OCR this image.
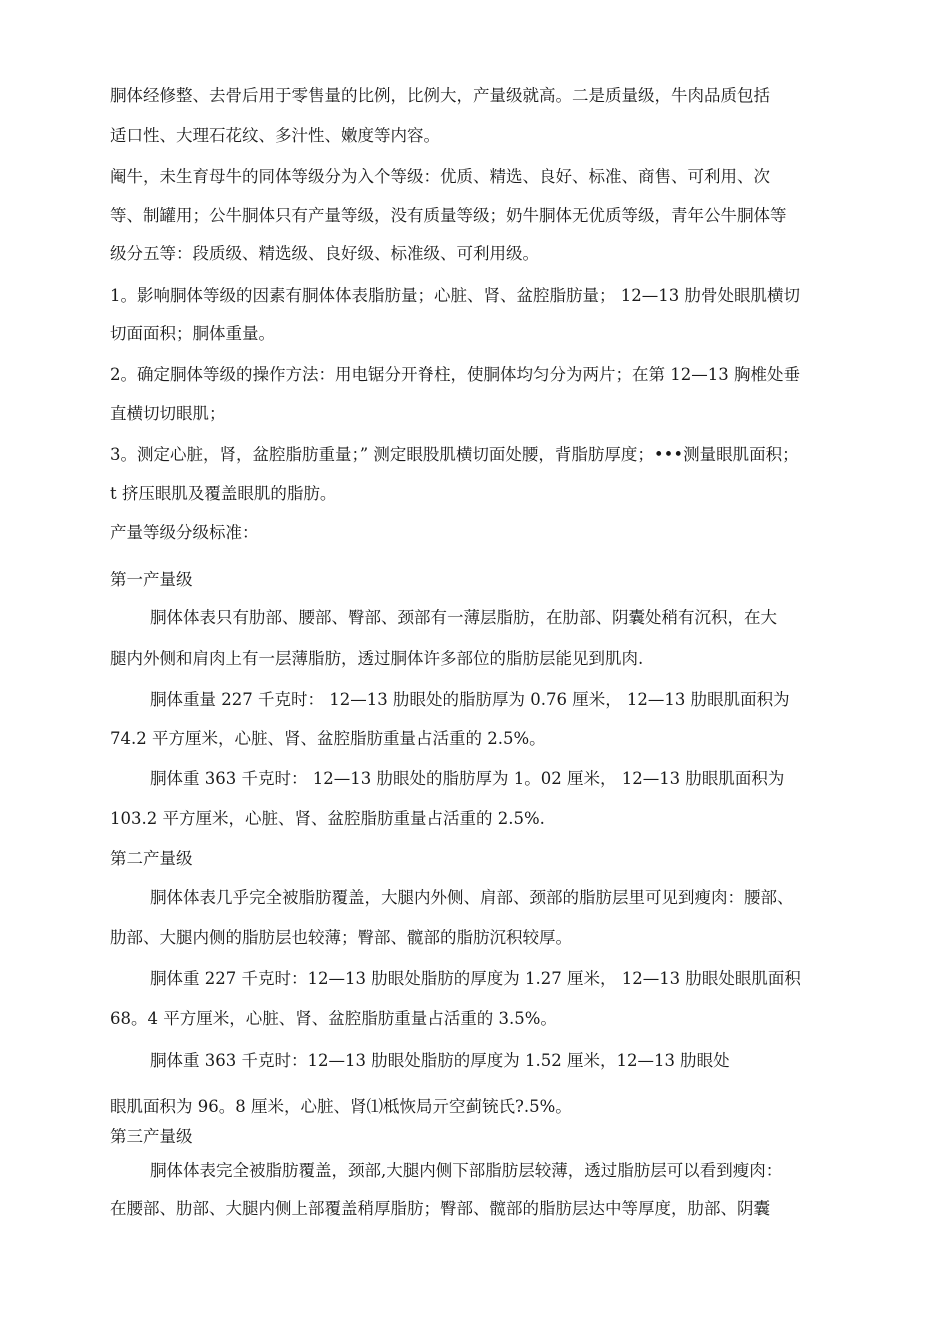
胴体经修整、去骨后用于零售量的比例，比例大，产量级就高。二是质量级，牛肉品质包括

适口性、大理石花纹、多汁性、嫩度等内容。

阉牛，未生育母牛的同体等级分为入个等级：优质、精选、良好、标准、商售、可利用、次

等、制罐用；公牛胴体只有产量等级，没有质量等级；奶牛胴体无优质等级，青年公牛胴体等

级分五等：段质级、精选级、良好级、标准级、可利用级。

1。影响胴体等级的因素有胴体体表脂肪量；心脏、肾、盆腔脂肪量； 12—13 肋骨处眼肌横切

切面面积；胴体重量。

2。确定胴体等级的操作方法：用电锯分开脊柱，使胴体均匀分为两片；在第 12—13 胸椎处垂

直横切切眼肌；

3。测定心脏，肾，盆腔脂肪重量；” 测定眼股肌横切面处腰，背脂肪厚度；•••测量眼肌面积；

t 挤压眼肌及覆盖眼肌的脂肪。

产量等级分级标准：

第一产量级

胴体体表只有肋部、腰部、臀部、颈部有一薄层脂肪，在肋部、阴囊处稍有沉积，在大

腿内外侧和肩肉上有一层薄脂肪，透过胴体许多部位的脂肪层能见到肌肉.

胴体重量 227 千克时： 12—13 肋眼处的脂肪厚为 0.76 厘米， 12—13 肋眼肌面积为

74.2 平方厘米，心脏、肾、盆腔脂肪重量占活重的 2.5%。

胴体重 363 千克时： 12—13 肋眼处的脂肪厚为 1。02 厘米， 12—13 肋眼肌面积为

103.2 平方厘米，心脏、肾、盆腔脂肪重量占活重的 2.5%.

第二产量级

胴体体表几乎完全被脂肪覆盖，大腿内外侧、肩部、颈部的脂肪层里可见到瘦肉：腰部、

肋部、大腿内侧的脂肪层也较薄；臀部、髋部的脂肪沉积较厚。

胴体重 227 千克时：12—13 肋眼处脂肪的厚度为 1.27 厘米， 12—13 肋眼处眼肌面积

68。4 平方厘米，心脏、肾、盆腔脂肪重量占活重的 3.5%。

胴体重 363 千克时：12—13 肋眼处脂肪的厚度为 1.52 厘米，12—13 肋眼处

眼肌面积为 96。8 厘米，心脏、肾⑴柢恢局亓空蓟铳氏?.5%。

第三产量级

胴体体表完全被脂肪覆盖，颈部,大腿内侧下部脂肪层较薄，透过脂肪层可以看到瘦肉：

在腰部、肋部、大腿内侧上部覆盖稍厚脂肪；臀部、髋部的脂肪层达中等厚度，肋部、阴囊
